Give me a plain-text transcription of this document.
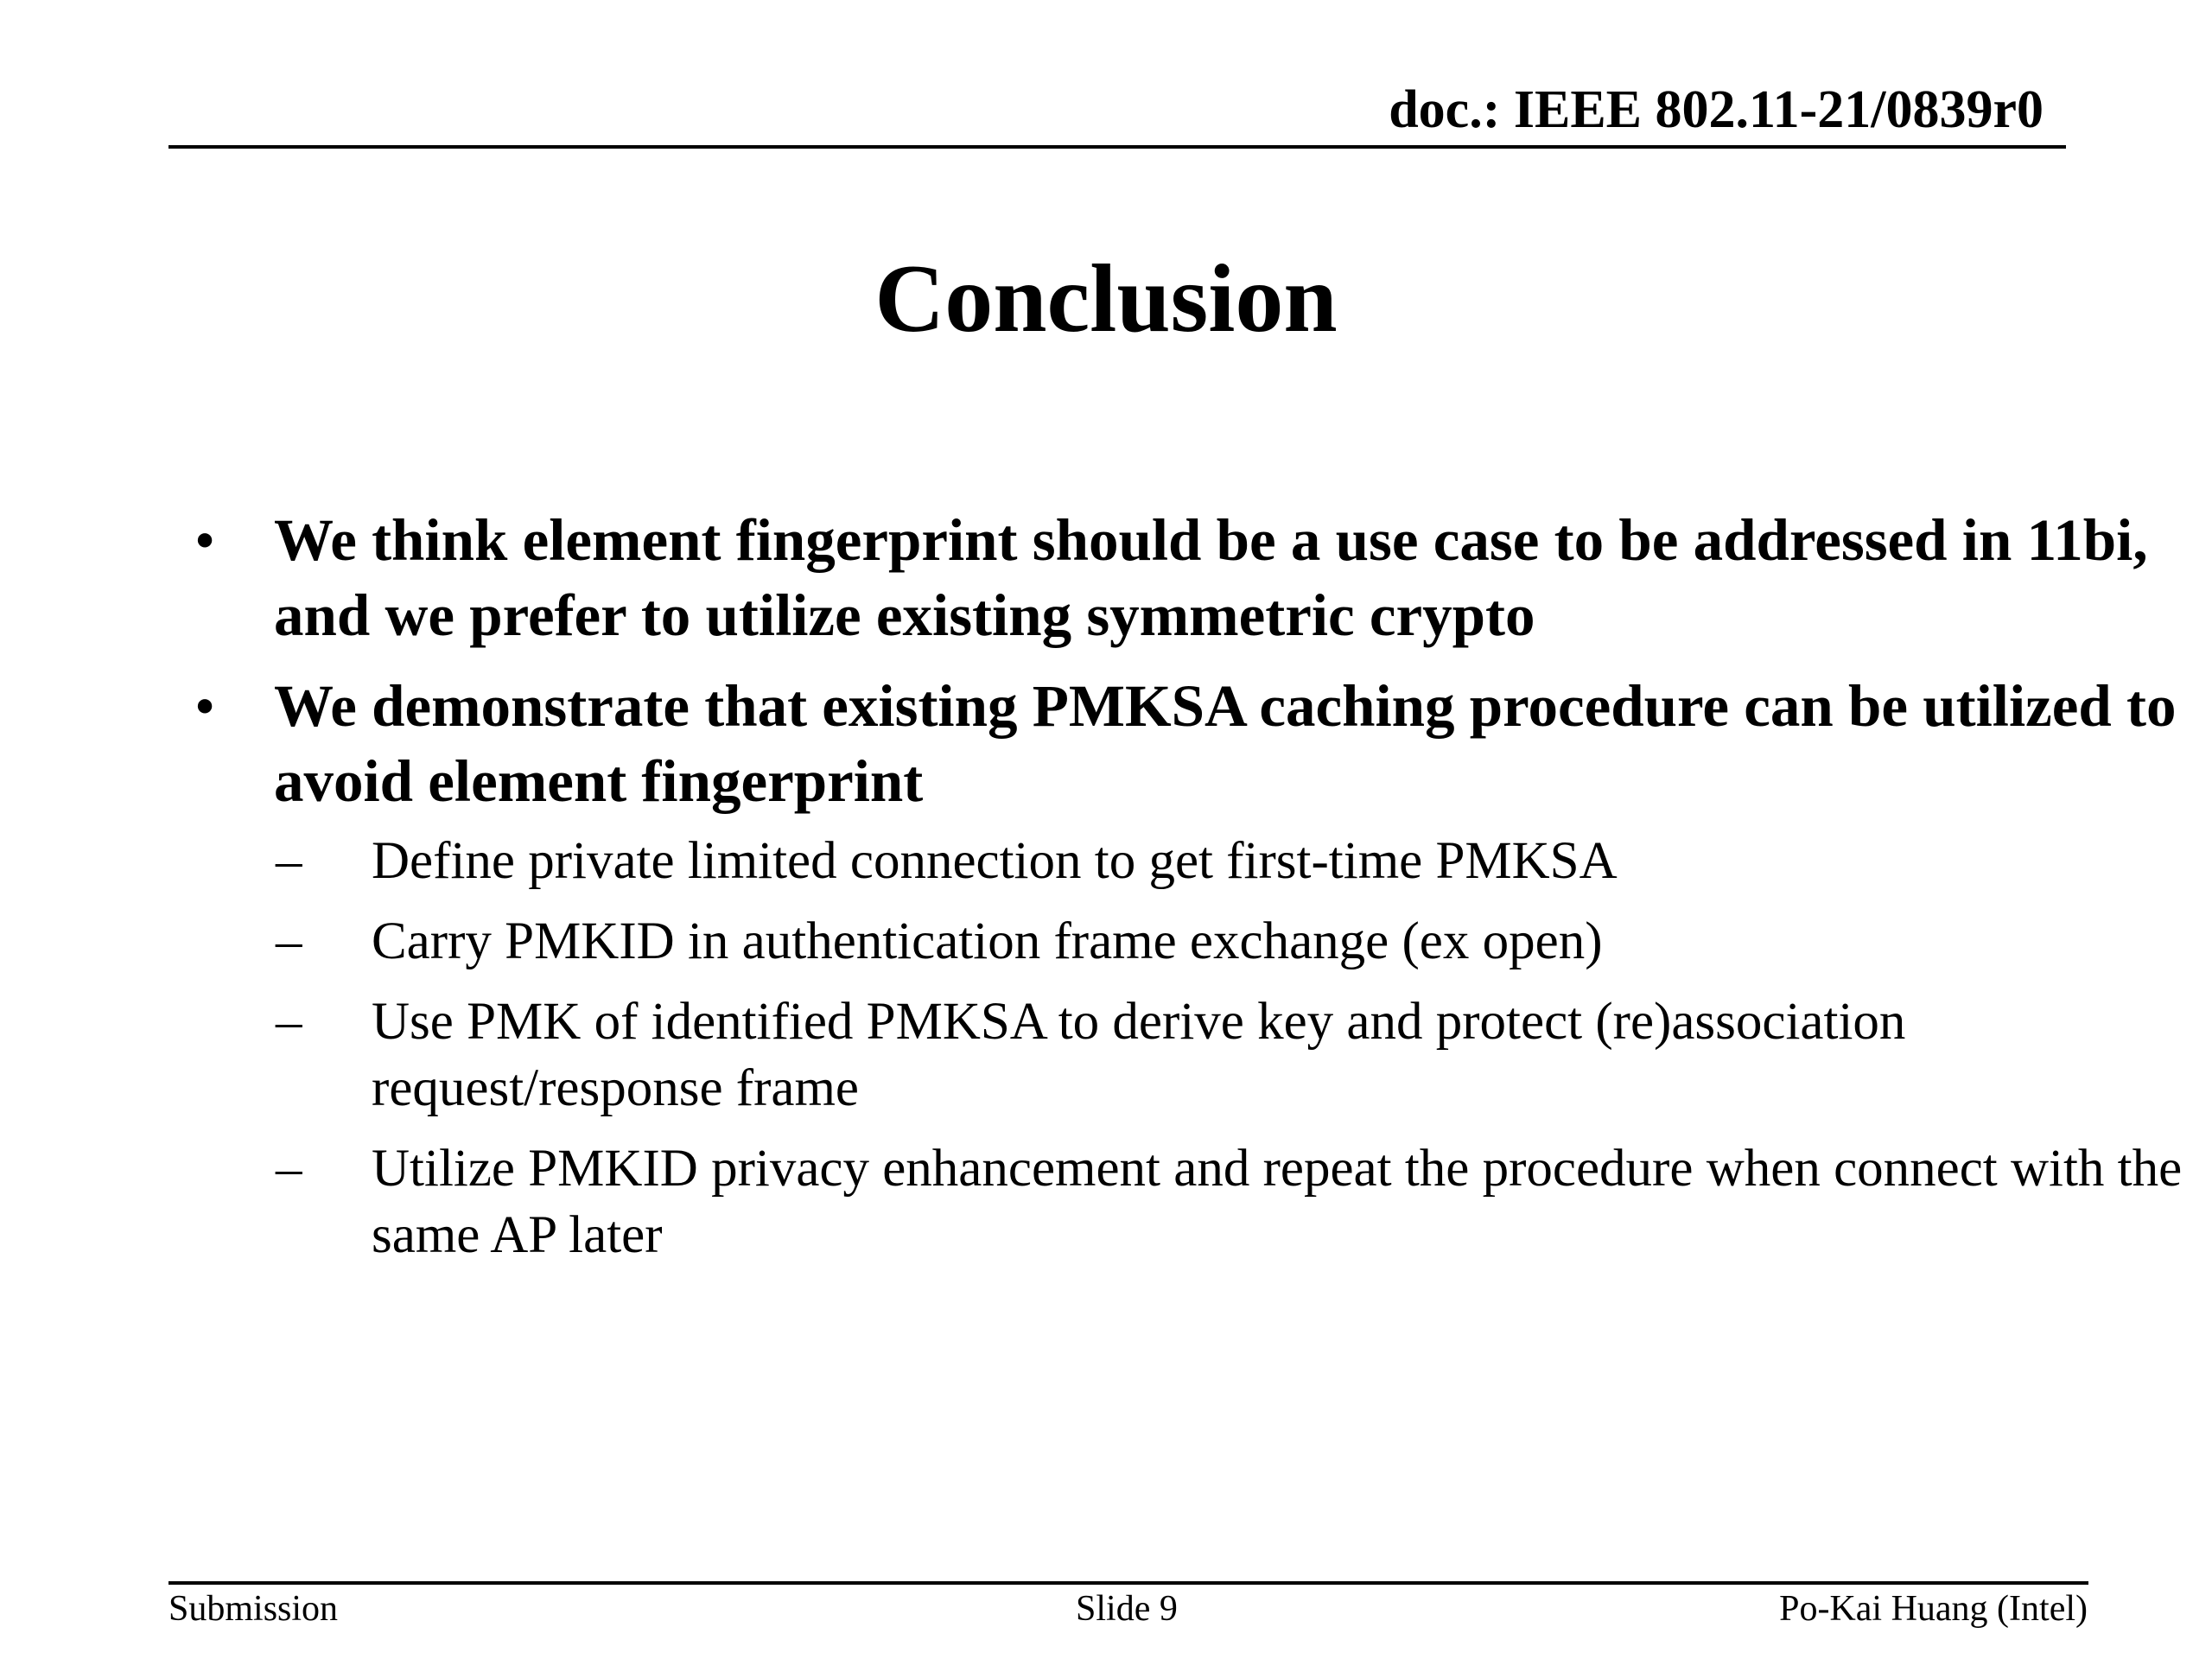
doc.: IEEE 802.11-21/0839r0
Conclusion
• We think element fingerprint should be a use case to be addressed in 11bi, and we prefer to utilize existing symmetric crypto
• We demonstrate that existing PMKSA caching procedure can be utilized to avoid element fingerprint
– Define private limited connection to get first-time PMKSA
– Carry PMKID in authentication frame exchange (ex open)
– Use PMK of identified PMKSA to derive key and protect (re)association request/response frame
– Utilize PMKID privacy enhancement and repeat the procedure when connect with the same AP later
Submission	Slide 9	Po-Kai Huang (Intel)
